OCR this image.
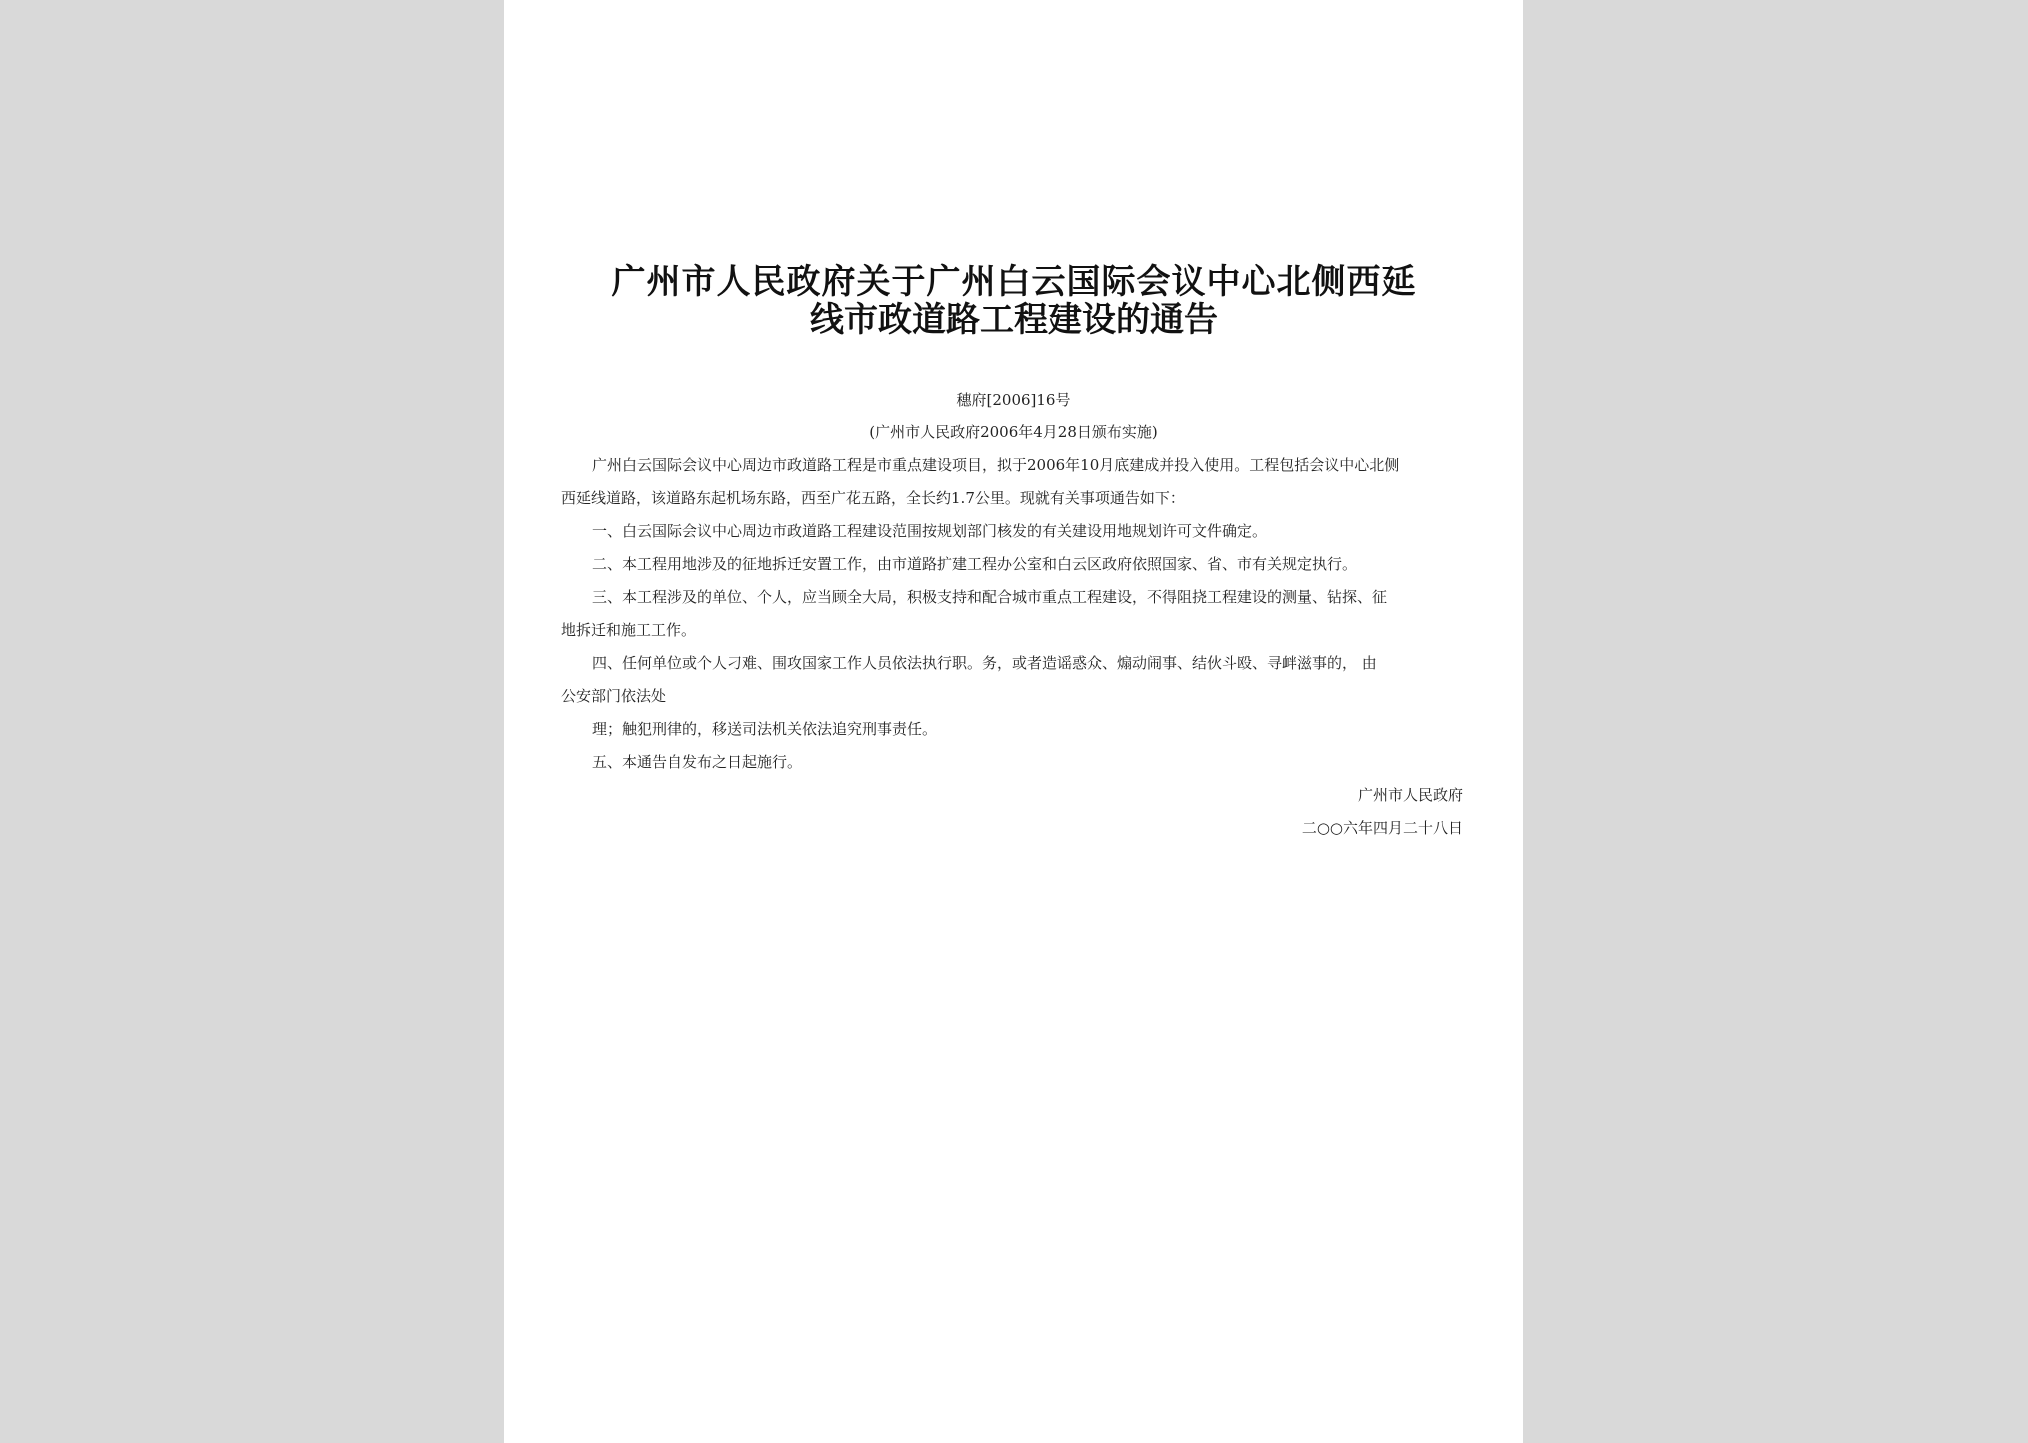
广州市人民政府关于广州白云国际会议中心北侧西延
线市政道路工程建设的通告
穗府[2006]16号
(广州市人民政府2006年4月28日颁布实施)
广州白云国际会议中心周边市政道路工程是市重点建设项目，拟于2006年10月底建成并投入使用。工程包括会议中心北侧
西延线道路，该道路东起机场东路，西至广花五路，全长约1.7公里。现就有关事项通告如下：
一、白云国际会议中心周边市政道路工程建设范围按规划部门核发的有关建设用地规划许可文件确定。
二、本工程用地涉及的征地拆迁安置工作，由市道路扩建工程办公室和白云区政府依照国家、省、市有关规定执行。
三、本工程涉及的单位、个人，应当顾全大局，积极支持和配合城市重点工程建设，不得阻挠工程建设的测量、钻探、征
地拆迁和施工工作。
四、任何单位或个人刁难、围攻国家工作人员依法执行职。务，或者造谣惑众、煽动闹事、结伙斗殴、寻衅滋事的， 由
公安部门依法处
理；触犯刑律的，移送司法机关依法追究刑事责任。
五、本通告自发布之日起施行。
广州市人民政府
二○○六年四月二十八日
